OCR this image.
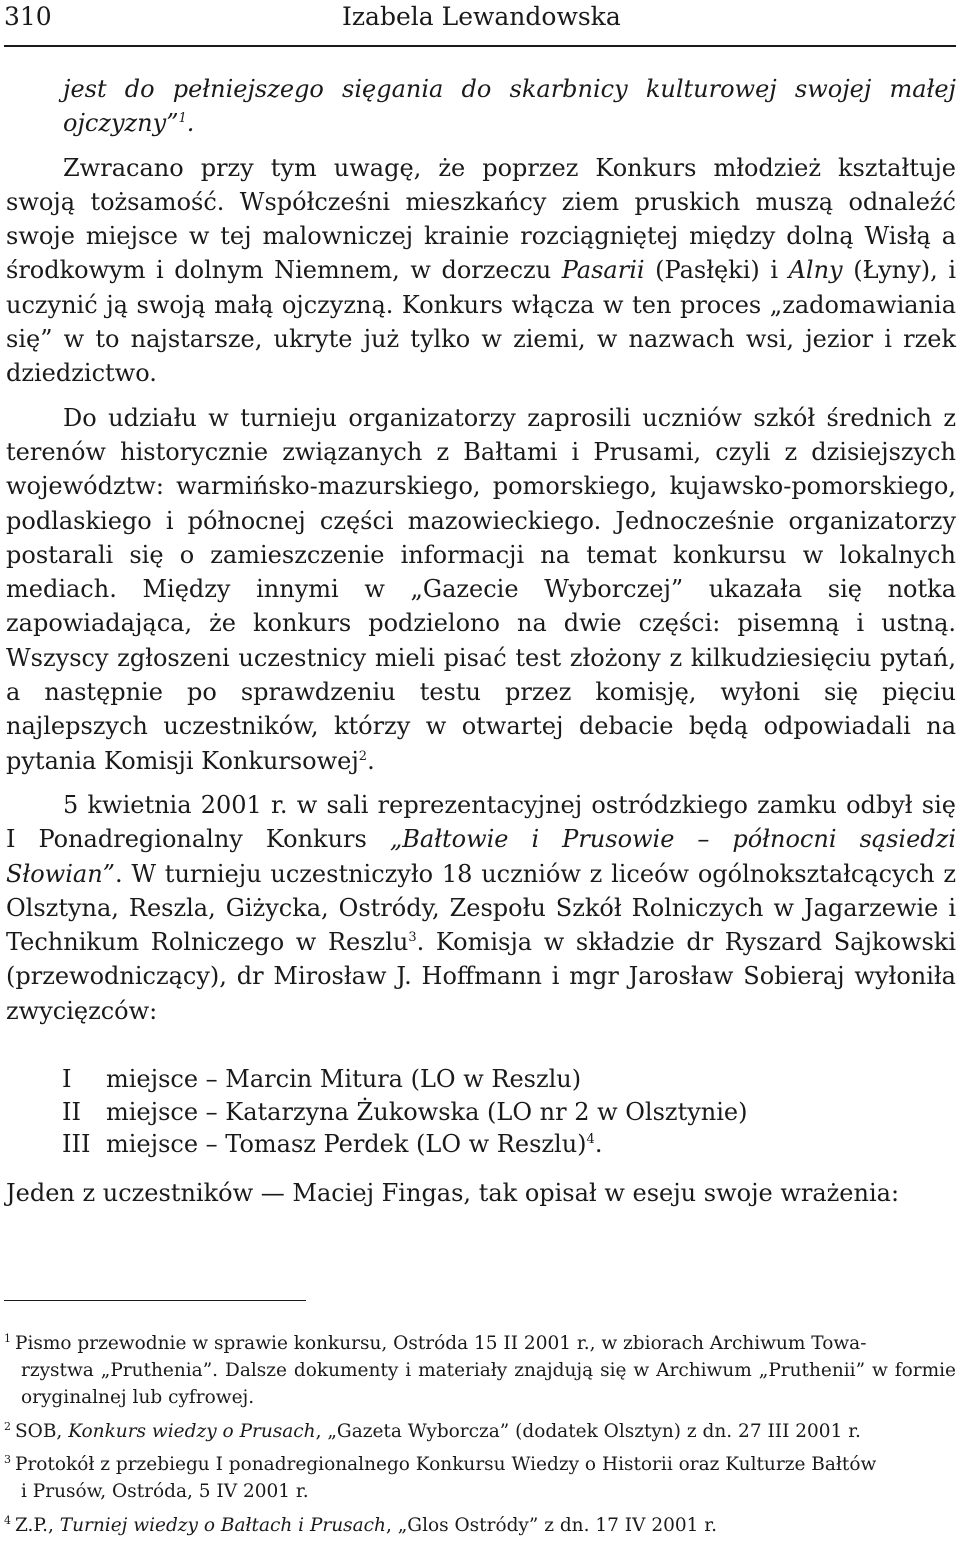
310	Izabela Lewandowska

jest do pełniejszego sięgania do skarbnicy kulturowej swojej małej ojczyzny”$^1$.

Zwracano przy tym uwagę, że poprzez Konkurs młodzież kształtuje swoją tożsamość. Współcześni mieszkańcy ziem pruskich muszą odnaleźć swoje miejsce w tej malowniczej krainie rozciągniętej między dolną Wisłą a środkowym i dolnym Niemnem, w dorzeczu Pasarii (Pasłęki) i Alny (Łyny), i uczynić ją swoją małą ojczyzną. Konkurs włącza w ten proces „zadomawiania się” w to najstarsze, ukryte już tylko w ziemi, w nazwach wsi, jezior i rzek dziedzictwo.

Do udziału w turnieju organizatorzy zaprosili uczniów szkół średnich z terenów historycznie związanych z Bałtami i Prusami, czyli z dzisiejszych województw: warmińsko-mazurskiego, pomorskiego, kujawsko-pomorskiego, podlaskiego i północnej części mazowieckiego. Jednocześnie organizatorzy postarali się o zamieszczenie informacji na temat konkursu w lokalnych mediach. Między innymi w „Gazecie Wyborczej” ukazała się notka zapowiadająca, że konkurs podzielono na dwie części: pisemną i ustną. Wszyscy zgłoszeni uczestnicy mieli pisać test złożony z kilkudziesięciu pytań, a następnie po sprawdzeniu testu przez komisję, wyłoni się pięciu najlepszych uczestników, którzy w otwartej debacie będą odpowiadali na pytania Komisji Konkursowej$^2$.

5 kwietnia 2001 r. w sali reprezentacyjnej ostródzkiego zamku odbył się I Ponadregionalny Konkurs „Bałtowie i Prusowie – północni sąsiedzi Słowian”. W turnieju uczestniczyło 18 uczniów z liceów ogólnokształcących z Olsztyna, Reszla, Giżycka, Ostródy, Zespołu Szkół Rolniczych w Jagarzewie i Technikum Rolniczego w Reszlu$^3$. Komisja w składzie dr Ryszard Sajkowski (przewodniczący), dr Mirosław J. Hoffmann i mgr Jarosław Sobieraj wyłoniła zwycięzców:

I	miejsce – Marcin Mitura (LO w Reszlu)
II	miejsce – Katarzyna Żukowska (LO nr 2 w Olsztynie)
III miejsce – Tomasz Perdek (LO w Reszlu)$^4$.
Jeden z uczestników — Maciej Fingas, tak opisał w eseju swoje wrażenia:
$^1$ Pismo przewodnie w sprawie konkursu, Ostróda 15 II 2001 r., w zbiorach Archiwum Towa-
rzystwa „Pruthenia”. Dalsze dokumenty i materiały znajdują się w Archiwum „Pruthenii” w formie oryginalnej lub cyfrowej.
$^2$ SOB, Konkurs wiedzy o Prusach, „Gazeta Wyborcza” (dodatek Olsztyn) z dn. 27 III 2001 r.
$^3$ Protokół z przebiegu I ponadregionalnego Konkursu Wiedzy o Historii oraz Kulturze Bałtów
i Prusów, Ostróda, 5 IV 2001 r.
$^4$ Z.P., Turniej wiedzy o Bałtach i Prusach, „Glos Ostródy” z dn. 17 IV 2001 r.
